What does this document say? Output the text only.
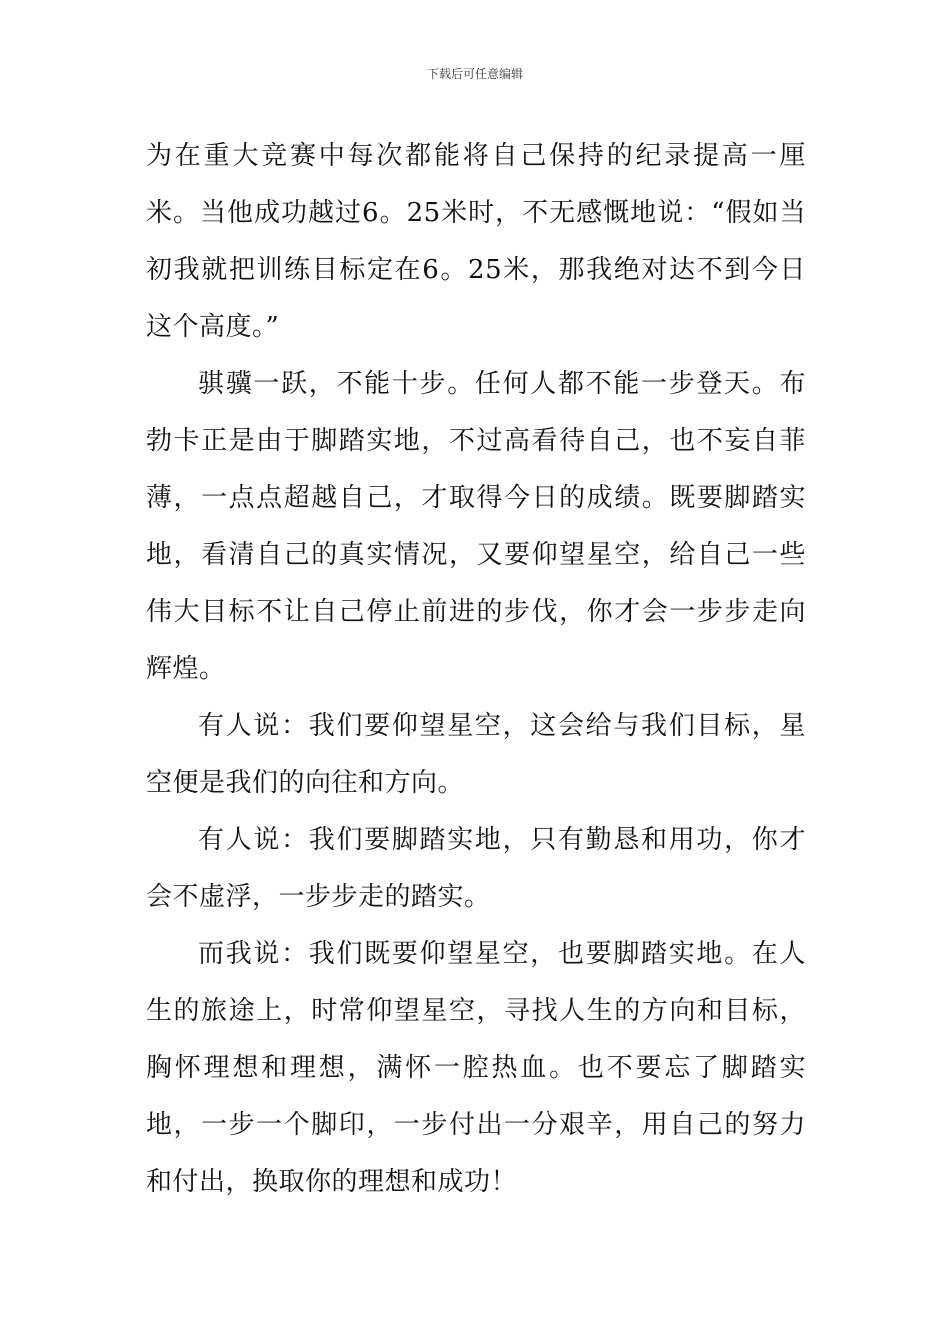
下载后可任意编辑

为在重大竞赛中每次都能将自己保持的纪录提高一厘米。当他成功越过6。25米时，不无感慨地说：“假如当初我就把训练目标定在6。25米，那我绝对达不到今日这个高度。”

骐骥一跃，不能十步。任何人都不能一步登天。布勃卡正是由于脚踏实地，不过高看待自己，也不妄自菲薄，一点点超越自己，才取得今日的成绩。既要脚踏实地，看清自己的真实情况，又要仰望星空，给自己一些伟大目标不让自己停止前进的步伐，你才会一步步走向辉煌。

有人说：我们要仰望星空，这会给与我们目标，星空便是我们的向往和方向。

有人说：我们要脚踏实地，只有勤恳和用功，你才会不虚浮，一步步走的踏实。

而我说：我们既要仰望星空，也要脚踏实地。在人生的旅途上，时常仰望星空，寻找人生的方向和目标，胸怀理想和理想，满怀一腔热血。也不要忘了脚踏实地，一步一个脚印，一步付出一分艰辛，用自己的努力和付出，换取你的理想和成功！
